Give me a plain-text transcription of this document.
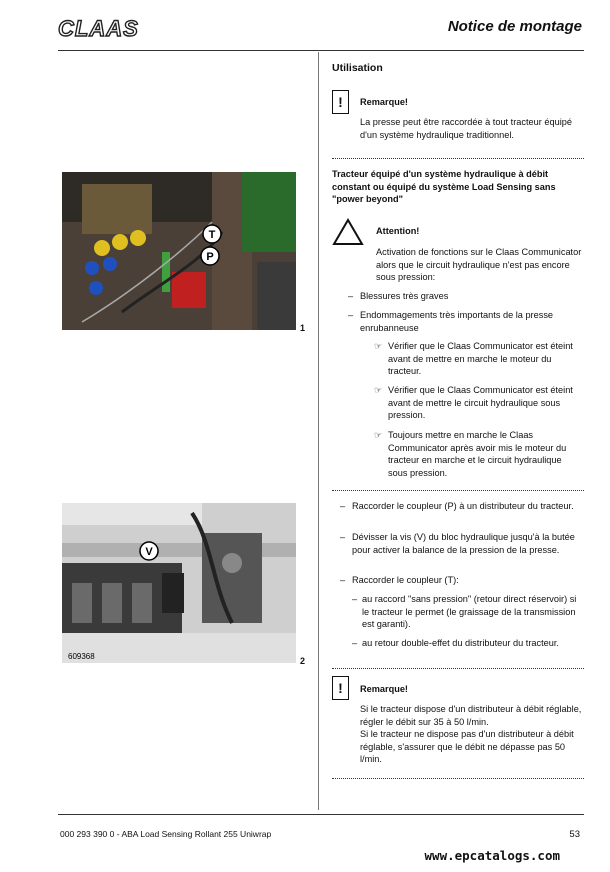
CLAAS	Notice de montage
Utilisation
!	Remarque!
La presse peut être raccordée à tout tracteur équipé d'un système hydraulique traditionnel.
Tracteur équipé d'un système hydraulique à débit constant ou équipé du système Load Sensing sans "power beyond"
Attention!
Activation de fonctions sur le Claas Communicator alors que le circuit hydraulique n'est pas encore sous pression:
– Blessures très graves
– Endommagements très importants de la presse enrubanneuse
☞ Vérifier que le Claas Communicator est éteint avant de mettre en marche le moteur du tracteur.
☞ Vérifier que le Claas Communicator est éteint avant de mettre le circuit hydraulique sous pression.
☞ Toujours mettre en marche le Claas Communicator après avoir mis le moteur du tracteur en marche et le circuit hydraulique sous pression.
T
P
1
– Raccorder le coupleur (P) à un distributeur du tracteur.
– Dévisser la vis (V) du bloc hydraulique jusqu'à la butée pour activer la balance de la pression de la presse.
– Raccorder le coupleur (T):
– au raccord "sans pression" (retour direct réservoir) si le tracteur le permet (le graissage de la transmission est garanti).
– au retour double-effet du distributeur du tracteur.
V
609368	2
!	Remarque!
Si le tracteur dispose d'un distributeur à débit réglable, régler le débit sur 35 à 50 l/min.
Si le tracteur ne dispose pas d'un distributeur à débit réglable, s'assurer que le débit ne dépasse pas 50 l/min.
000 293 390 0 - ABA Load Sensing Rollant 255 Uniwrap	53
www.epcatalogs.com
